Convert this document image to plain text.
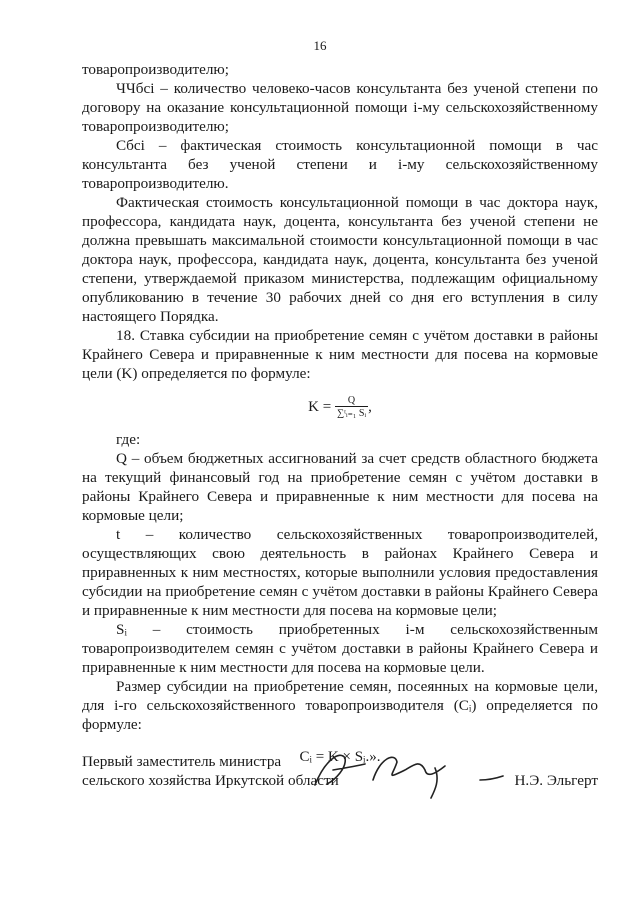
16

товаропроизводителю;

ЧЧбсi – количество человеко-часов консультанта без ученой степени по договору на оказание консультационной помощи i-му сельскохозяйственному товаропроизводителю;

Cбсi – фактическая стоимость консультационной помощи в час консультанта без ученой степени и i-му сельскохозяйственному товаропроизводителю.

Фактическая стоимость консультационной помощи в час доктора наук, профессора, кандидата наук, доцента, консультанта без ученой степени не должна превышать максимальной стоимости консультационной помощи в час доктора наук, профессора, кандидата наук, доцента, консультанта без ученой степени, утверждаемой приказом министерства, подлежащим официальному опубликованию в течение 30 рабочих дней со дня его вступления в силу настоящего Порядка.

18. Ставка субсидии на приобретение семян с учётом доставки в районы Крайнего Севера и приравненные к ним местности для посева на кормовые цели (K) определяется по формуле:

$K = \frac{Q}{\text{∑ᵗᵢ₌₁ Sᵢ}}$ ,

где:

Q – объем бюджетных ассигнований за счет средств областного бюджета на текущий финансовый год на приобретение семян с учётом доставки в районы Крайнего Севера и приравненные к ним местности для посева на кормовые цели;

t – количество сельскохозяйственных товаропроизводителей, осуществляющих свою деятельность в районах Крайнего Севера и приравненных к ним местностях, которые выполнили условия предоставления субсидии на приобретение семян с учётом доставки в районы Крайнего Севера и приравненные к ним местности для посева на кормовые цели;

Sᵢ – стоимость приобретенных i-м сельскохозяйственным товаропроизводителем семян с учётом доставки в районы Крайнего Севера и приравненные к ним местности для посева на кормовые цели.

Размер субсидии на приобретение семян, посеянных на кормовые цели, для i-го сельскохозяйственного товаропроизводителя (Cᵢ) определяется по формуле:

Cᵢ = K × Sᵢ.».
Первый заместитель министра
сельского хозяйства Иркутской области	Н.Э. Эльгерт
